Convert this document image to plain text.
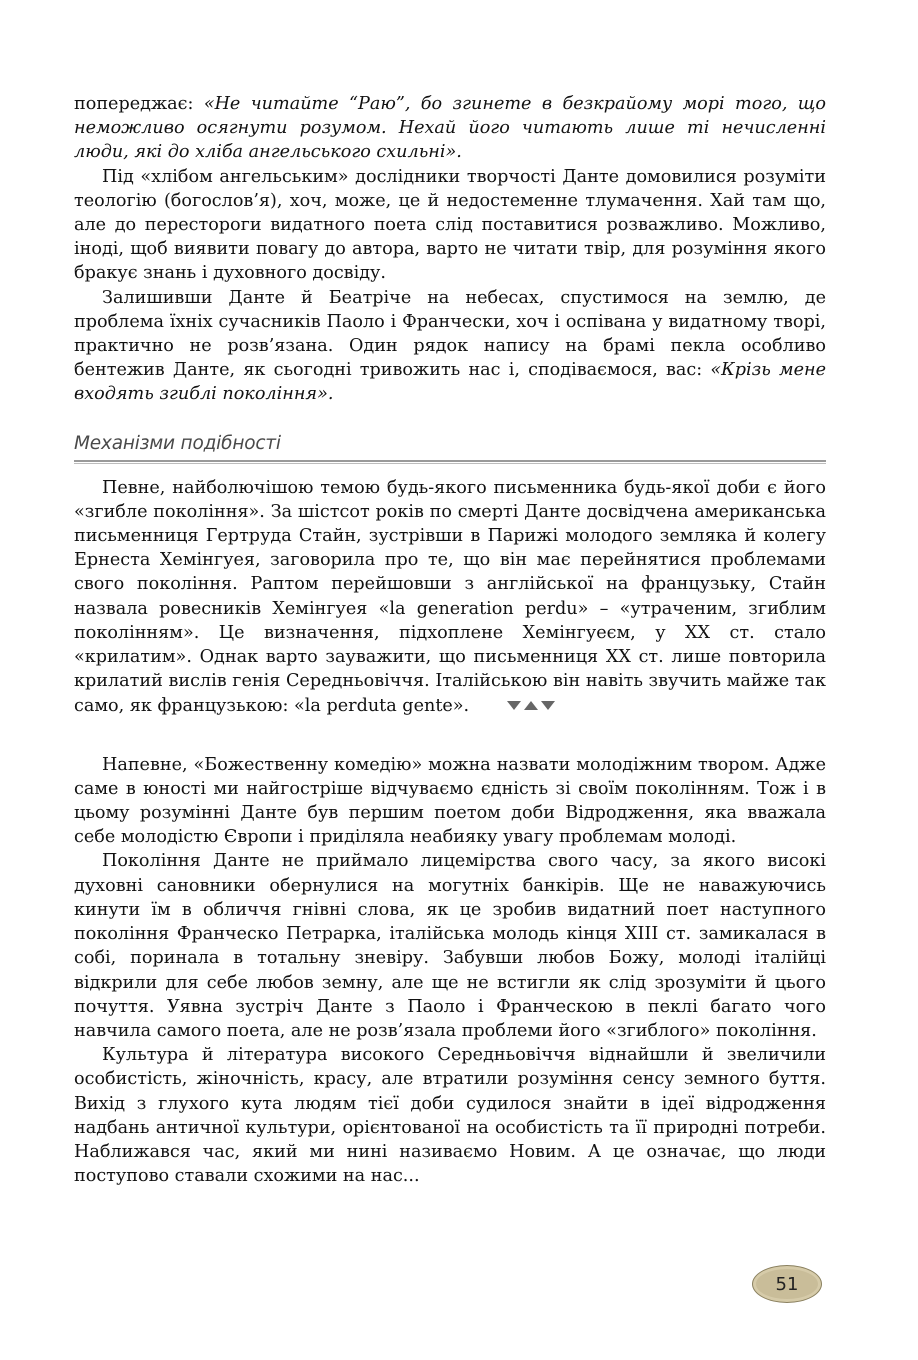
попереджає: «Не читайте “Раю”, бо згинете в безкрайому морі того, що неможливо осягнути розумом. Нехай його читають лише ті нечисленні люди, які до хліба ангельського схильні».

Під «хлібом ангельським» дослідники творчості Данте домовилися розуміти теологію (богослов’я), хоч, може, це й недостеменне тлумачення. Хай там що, але до перестороги видатного поета слід поставитися розважливо. Можливо, іноді, щоб виявити повагу до автора, варто не читати твір, для розуміння якого бракує знань і духовного досвіду.

Залишивши Данте й Беатріче на небесах, спустимося на землю, де проблема їхніх сучасників Паоло і Франчески, хоч і оспівана у видатному творі, практично не розв’язана. Один рядок напису на брамі пекла особливо бентежив Данте, як сьогодні тривожить нас і, сподіваємося, вас: «Крізь мене входять згиблі покоління».

Механізми подібності

Певне, найболючішою темою будь-якого письменника будь-якої доби є його «згибле покоління». За шістсот років по смерті Данте досвідчена американська письменниця Гертруда Стайн, зустрівши в Парижі молодого земляка й колегу Ернеста Хемінгуея, заговорила про те, що він має перейнятися проблемами свого покоління. Раптом перейшовши з англійської на французьку, Стайн назвала ровесників Хемінгуея «la generation perdu» – «утраченим, згиблим поколінням». Це визначення, підхоплене Хемінгуеєм, у XX ст. стало «крилатим». Однак варто зауважити, що письменниця XX ст. лише повторила крилатий вислів генія Середньовіччя. Італійською він навіть звучить майже так само, як французькою: «la perduta gente».

Напевне, «Божественну комедію» можна назвати молодіжним твором. Адже саме в юності ми найгостріше відчуваємо єдність зі своїм поколінням. Тож і в цьому розумінні Данте був першим поетом доби Відродження, яка вважала себе молодістю Європи і приділяла неабияку увагу проблемам молоді.

Покоління Данте не приймало лицемірства свого часу, за якого високі духовні сановники обернулися на могутніх банкірів. Ще не наважуючись кинути їм в обличчя гнівні слова, як це зробив видатний поет наступного покоління Франческо Петрарка, італійська молодь кінця XIII ст. замикалася в собі, поринала в тотальну зневіру. Забувши любов Божу, молоді італійці відкрили для себе любов земну, але ще не встигли як слід зрозуміти й цього почуття. Уявна зустріч Данте з Паоло і Франческою в пеклі багато чого навчила самого поета, але не розв’язала проблеми його «згиблого» покоління.

Культура й література високого Середньовіччя віднайшли й звеличили особистість, жіночність, красу, але втратили розуміння сенсу земного буття. Вихід з глухого кута людям тієї доби судилося знайти в ідеї відродження надбань античної культури, орієнтованої на особистість та її природні потреби. Наближався час, який ми нині називаємо Новим. А це означає, що люди поступово ставали схожими на нас...

51
